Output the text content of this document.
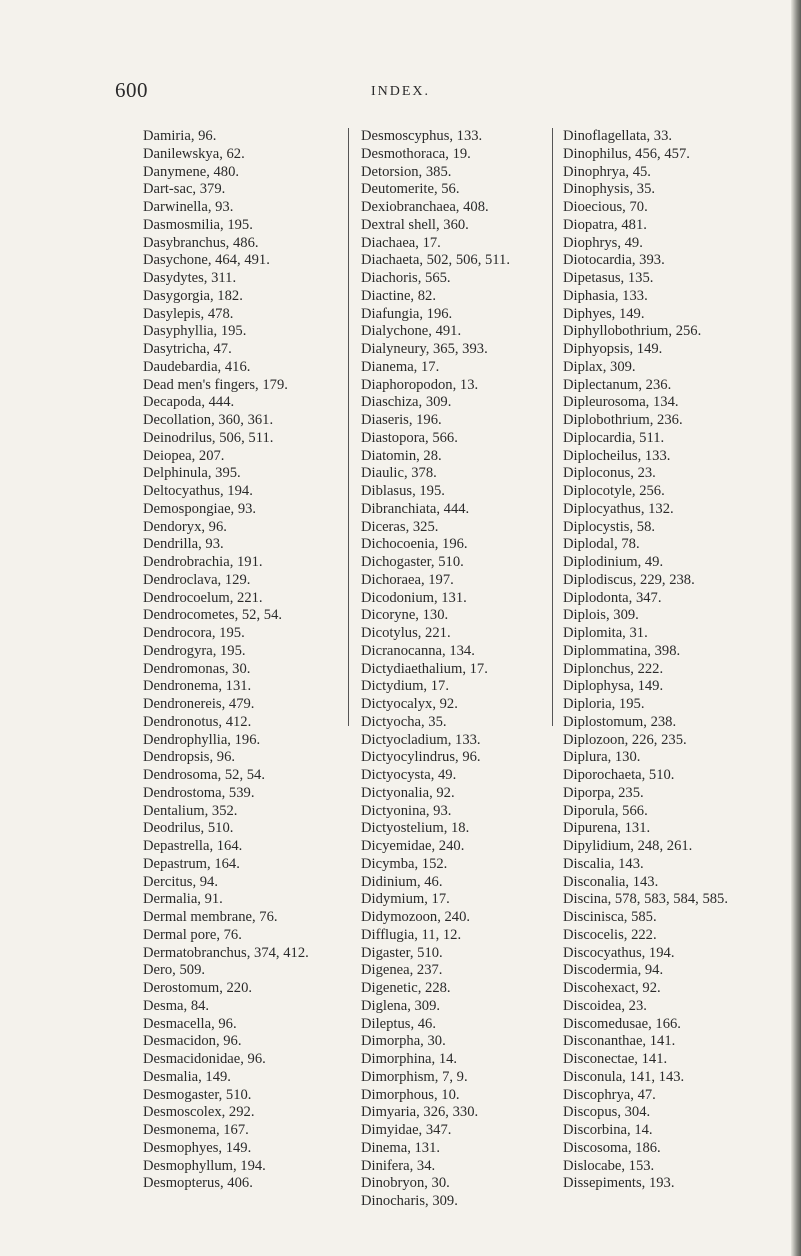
600	INDEX.
Damiria, 96.
Danilewskya, 62.
Danymene, 480.
Dart-sac, 379.
Darwinella, 93.
Dasmosmilia, 195.
Dasybranchus, 486.
Dasychone, 464, 491.
Dasydytes, 311.
Dasygorgia, 182.
Dasylepis, 478.
Dasyphyllia, 195.
Dasytricha, 47.
Daudebardia, 416.
Dead men's fingers, 179.
Decapoda, 444.
Decollation, 360, 361.
Deinodrilus, 506, 511.
Deiopea, 207.
Delphinula, 395.
Deltocyathus, 194.
Demospongiae, 93.
Dendoryx, 96.
Dendrilla, 93.
Dendrobrachia, 191.
Dendroclava, 129.
Dendrocoelum, 221.
Dendrocometes, 52, 54.
Dendrocora, 195.
Dendrogyra, 195.
Dendromonas, 30.
Dendronema, 131.
Dendronereis, 479.
Dendronotus, 412.
Dendrophyllia, 196.
Dendropsis, 96.
Dendrosoma, 52, 54.
Dendrostoma, 539.
Dentalium, 352.
Deodrilus, 510.
Depastrella, 164.
Depastrum, 164.
Dercitus, 94.
Dermalia, 91.
Dermal membrane, 76.
Dermal pore, 76.
Dermatobranchus, 374, 412.
Dero, 509.
Derostomum, 220.
Desma, 84.
Desmacella, 96.
Desmacidon, 96.
Desmacidonidae, 96.
Desmalia, 149.
Desmogaster, 510.
Desmoscolex, 292.
Desmonema, 167.
Desmophyes, 149.
Desmophyllum, 194.
Desmopterus, 406.
Desmoscyphus, 133.
Desmothoraca, 19.
Detorsion, 385.
Deutomerite, 56.
Dexiobranchaea, 408.
Dextral shell, 360.
Diachaea, 17.
Diachaeta, 502, 506, 511.
Diachoris, 565.
Diactine, 82.
Diafungia, 196.
Dialychone, 491.
Dialyneury, 365, 393.
Dianema, 17.
Diaphoropodon, 13.
Diaschiza, 309.
Diaseris, 196.
Diastopora, 566.
Diatomin, 28.
Diaulic, 378.
Diblasus, 195.
Dibranchiata, 444.
Diceras, 325.
Dichocoenia, 196.
Dichogaster, 510.
Dichoraea, 197.
Dicodonium, 131.
Dicoryne, 130.
Dicotylus, 221.
Dicranocanna, 134.
Dictydiaethalium, 17.
Dictydium, 17.
Dictyocalyx, 92.
Dictyocha, 35.
Dictyocladium, 133.
Dictyocylindrus, 96.
Dictyocysta, 49.
Dictyonalia, 92.
Dictyonina, 93.
Dictyostelium, 18.
Dicyemidae, 240.
Dicymba, 152.
Didinium, 46.
Didymium, 17.
Didymozoon, 240.
Difflugia, 11, 12.
Digaster, 510.
Digenea, 237.
Digenetic, 228.
Diglena, 309.
Dileptus, 46.
Dimorpha, 30.
Dimorphina, 14.
Dimorphism, 7, 9.
Dimorphous, 10.
Dimyaria, 326, 330.
Dimyidae, 347.
Dinema, 131.
Dinifera, 34.
Dinobryon, 30.
Dinocharis, 309.
Dinoflagellata, 33.
Dinophilus, 456, 457.
Dinophrya, 45.
Dinophysis, 35.
Dioecious, 70.
Diopatra, 481.
Diophrys, 49.
Diotocardia, 393.
Dipetasus, 135.
Diphasia, 133.
Diphyes, 149.
Diphyllobothrium, 256.
Diphyopsis, 149.
Diplax, 309.
Diplectanum, 236.
Dipleurosoma, 134.
Diplobothrium, 236.
Diplocardia, 511.
Diplocheilus, 133.
Diploconus, 23.
Diplocotyle, 256.
Diplocyathus, 132.
Diplocystis, 58.
Diplodal, 78.
Diplodinium, 49.
Diplodiscus, 229, 238.
Diplodonta, 347.
Diplois, 309.
Diplomita, 31.
Diplommatina, 398.
Diplonchus, 222.
Diplophysa, 149.
Diploria, 195.
Diplostomum, 238.
Diplozoon, 226, 235.
Diplura, 130.
Diporochaeta, 510.
Diporpa, 235.
Diporula, 566.
Dipurena, 131.
Dipylidium, 248, 261.
Discalia, 143.
Disconalia, 143.
Discina, 578, 583, 584, 585.
Disciniscа, 585.
Discocelis, 222.
Discocyathus, 194.
Discodermia, 94.
Discohexact, 92.
Discoidea, 23.
Discomedusae, 166.
Disconanthae, 141.
Disconectae, 141.
Disconula, 141, 143.
Discophrya, 47.
Discopus, 304.
Discorbina, 14.
Discosoma, 186.
Dislocabe, 153.
Dissepiments, 193.
